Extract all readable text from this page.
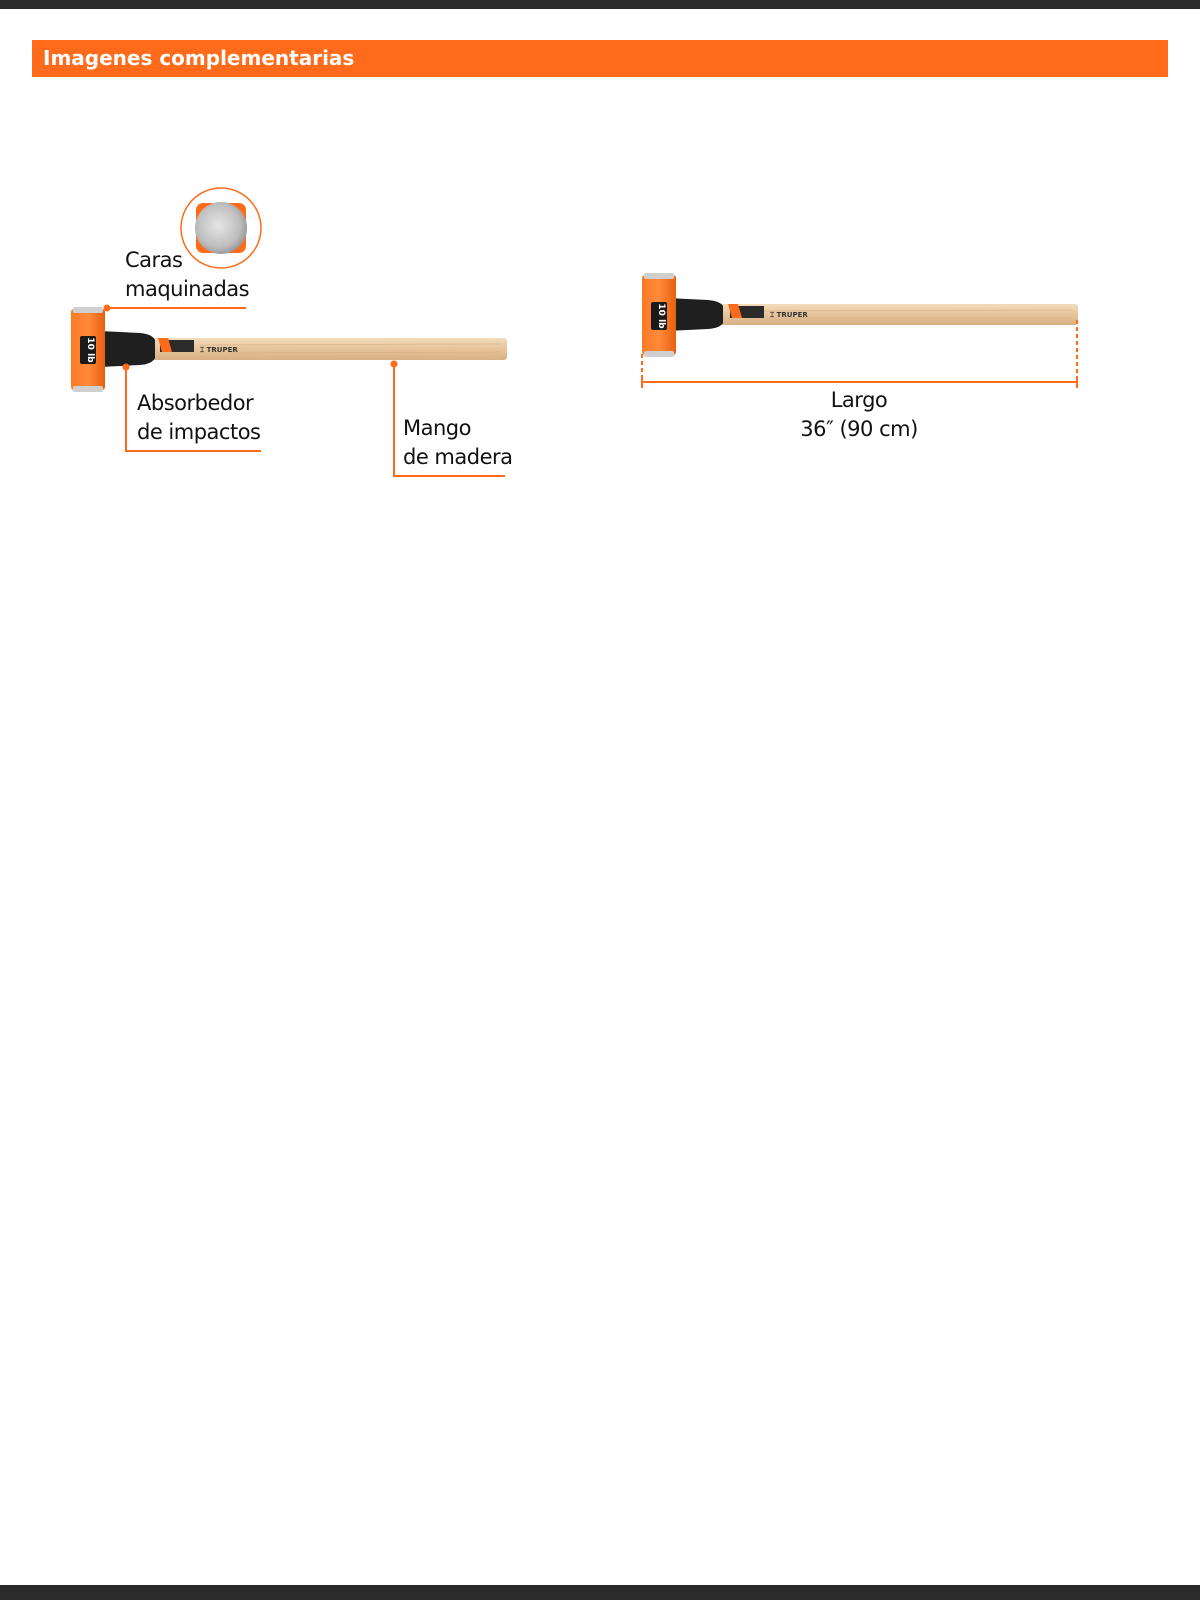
Imagenes complementarias
⌶ TRUPER
10 lb
Caras
maquinadas
Absorbedor
de impactos	Mango
de madera
⌶ TRUPER
10 lb
Largo
36″ (90 cm)
